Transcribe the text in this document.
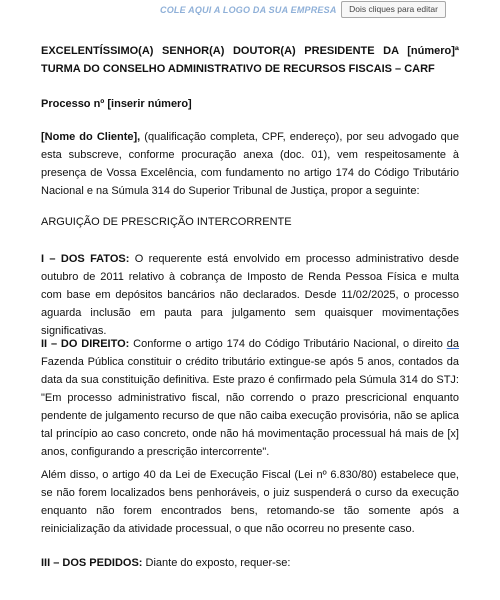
COLE AQUI A LOGO DA SUA EMPRESA	Dois cliques para editar

EXCELENTÍSSIMO(A) SENHOR(A) DOUTOR(A) PRESIDENTE DA [número]ª TURMA DO CONSELHO ADMINISTRATIVO DE RECURSOS FISCAIS – CARF

Processo nº [inserir número]

[Nome do Cliente], (qualificação completa, CPF, endereço), por seu advogado que esta subscreve, conforme procuração anexa (doc. 01), vem respeitosamente à presença de Vossa Excelência, com fundamento no artigo 174 do Código Tributário Nacional e na Súmula 314 do Superior Tribunal de Justiça, propor a seguinte:

ARGUIÇÃO DE PRESCRIÇÃO INTERCORRENTE

I – DOS FATOS: O requerente está envolvido em processo administrativo desde outubro de 2011 relativo à cobrança de Imposto de Renda Pessoa Física e multa com base em depósitos bancários não declarados. Desde 11/02/2025, o processo aguarda inclusão em pauta para julgamento sem quaisquer movimentações significativas.

II – DO DIREITO: Conforme o artigo 174 do Código Tributário Nacional, o direito da Fazenda Pública constituir o crédito tributário extingue-se após 5 anos, contados da data da sua constituição definitiva. Este prazo é confirmado pela Súmula 314 do STJ: "Em processo administrativo fiscal, não correndo o prazo prescricional enquanto pendente de julgamento recurso de que não caiba execução provisória, não se aplica tal princípio ao caso concreto, onde não há movimentação processual há mais de [x] anos, configurando a prescrição intercorrente".

Além disso, o artigo 40 da Lei de Execução Fiscal (Lei nº 6.830/80) estabelece que, se não forem localizados bens penhoráveis, o juiz suspenderá o curso da execução enquanto não forem encontrados bens, retomando-se tão somente após a reinicialização da atividade processual, o que não ocorreu no presente caso.

III – DOS PEDIDOS: Diante do exposto, requer-se:
